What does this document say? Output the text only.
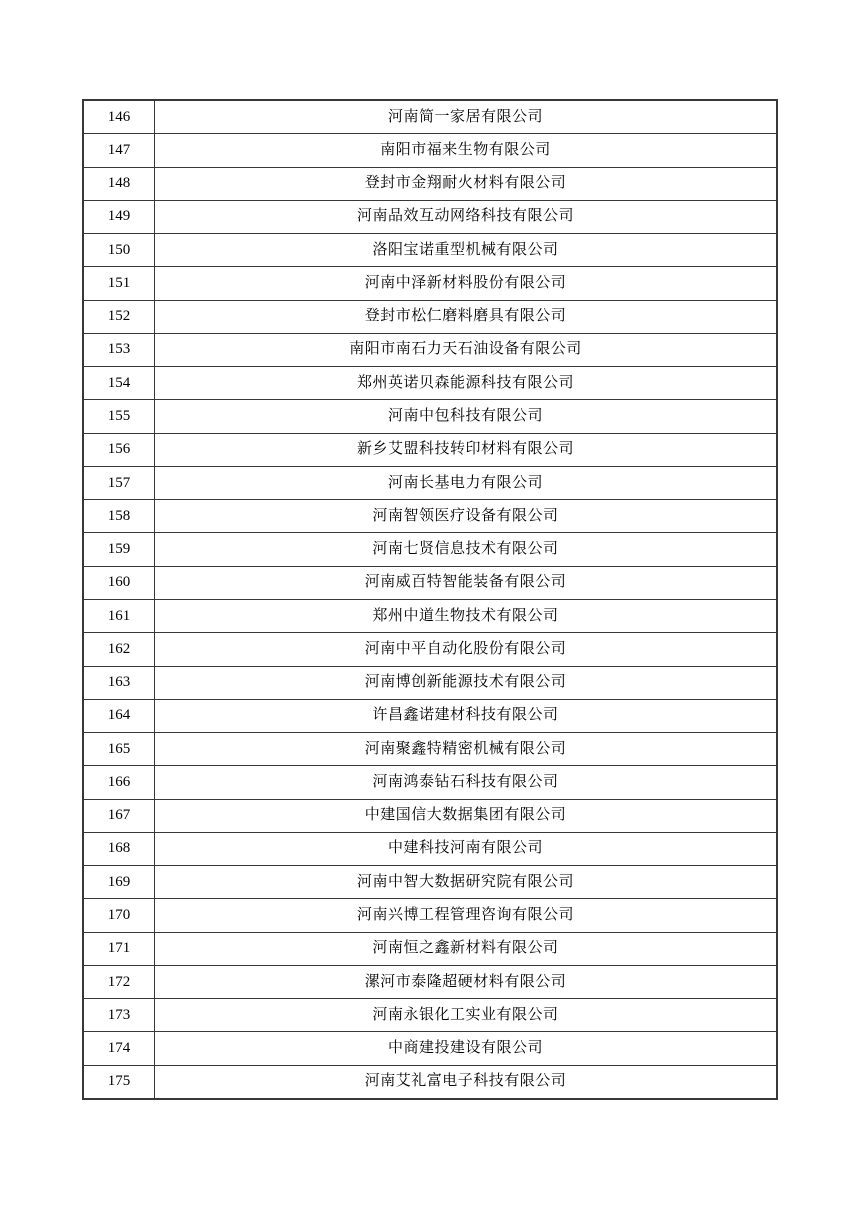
146	河南简一家居有限公司
147	南阳市福来生物有限公司
148	登封市金翔耐火材料有限公司
149	河南品效互动网络科技有限公司
150	洛阳宝诺重型机械有限公司
151	河南中泽新材料股份有限公司
152	登封市松仁磨料磨具有限公司
153	南阳市南石力天石油设备有限公司
154	郑州英诺贝森能源科技有限公司
155	河南中包科技有限公司
156	新乡艾盟科技转印材料有限公司
157	河南长基电力有限公司
158	河南智领医疗设备有限公司
159	河南七贤信息技术有限公司
160	河南威百特智能装备有限公司
161	郑州中道生物技术有限公司
162	河南中平自动化股份有限公司
163	河南博创新能源技术有限公司
164	许昌鑫诺建材科技有限公司
165	河南聚鑫特精密机械有限公司
166	河南鸿泰钻石科技有限公司
167	中建国信大数据集团有限公司
168	中建科技河南有限公司
169	河南中智大数据研究院有限公司
170	河南兴博工程管理咨询有限公司
171	河南恒之鑫新材料有限公司
172	漯河市泰隆超硬材料有限公司
173	河南永银化工实业有限公司
174	中商建投建设有限公司
175	河南艾礼富电子科技有限公司
